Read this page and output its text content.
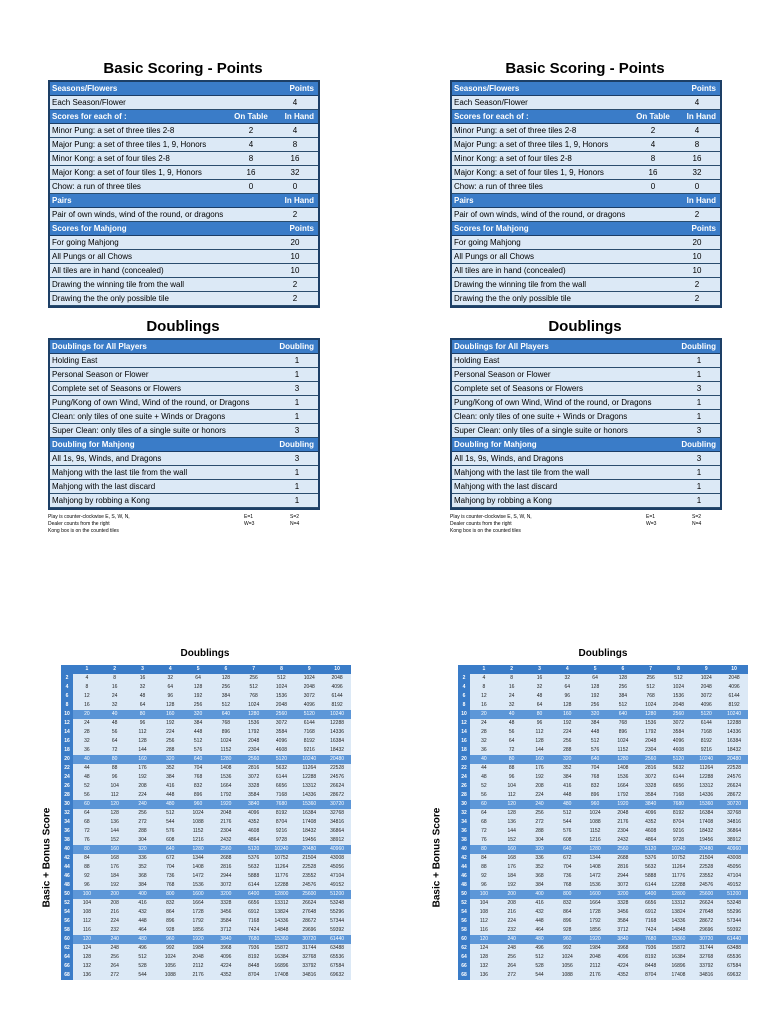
Basic Scoring - Points
Seasons/Flowers		Points
Each Season/Flower		4
Scores for each of :	On Table	In Hand
Minor Pung: a set of three tiles 2-8	2	4
Major Pung: a set of three tiles 1, 9, Honors	4	8
Minor Kong: a set of four tiles 2-8	8	16
Major Kong: a set of four tiles 1, 9, Honors	16	32
Chow: a run of three tiles	0	0
Pairs		In Hand
Pair of own winds, wind of the round, or dragons		2
Scores for Mahjong		Points
For going Mahjong		20
All Pungs or all Chows		10
All tiles are in hand (concealed)		10
Drawing the winning tile from the wall		2
Drawing the the only possible tile		2
Doublings
Doublings for All Players	Doubling
Holding East	1
Personal Season or Flower	1
Complete set of Seasons or Flowers	3
Pung/Kong of own Wind, Wind of the round, or Dragons	1
Clean: only tiles of one suite + Winds or Dragons	1
Super Clean: only tiles of a single suite or honors	3
Doubling for Mahjong	Doubling
All 1s, 9s, Winds, and Dragons	3
Mahjong with the last tile from the wall	1
Mahjong with the last discard	1
Mahjong by robbing a Kong	1
Play is counter-clockwise E, S, W, N,	E=1	S=2
Dealer counts from the right	W=3	N=4
Kong box is on the counted tiles
Doublings
Basic + Bonus Score
	1	2	3	4	5	6	7	8	9	10
2	4	8	16	32	64	128	256	512	1024	2048
4	8	16	32	64	128	256	512	1024	2048	4096
6	12	24	48	96	192	384	768	1536	3072	6144
8	16	32	64	128	256	512	1024	2048	4096	8192
10	20	40	80	160	320	640	1280	2560	5120	10240
12	24	48	96	192	384	768	1536	3072	6144	12288
14	28	56	112	224	448	896	1792	3584	7168	14336
16	32	64	128	256	512	1024	2048	4096	8192	16384
18	36	72	144	288	576	1152	2304	4608	9216	18432
20	40	80	160	320	640	1280	2560	5120	10240	20480
22	44	88	176	352	704	1408	2816	5632	11264	22528
24	48	96	192	384	768	1536	3072	6144	12288	24576
26	52	104	208	416	832	1664	3328	6656	13312	26624
28	56	112	224	448	896	1792	3584	7168	14336	28672
30	60	120	240	480	960	1920	3840	7680	15360	30720
32	64	128	256	512	1024	2048	4096	8192	16384	32768
34	68	136	272	544	1088	2176	4352	8704	17408	34816
36	72	144	288	576	1152	2304	4608	9216	18432	36864
38	76	152	304	608	1216	2432	4864	9728	19456	38912
40	80	160	320	640	1280	2560	5120	10240	20480	40960
42	84	168	336	672	1344	2688	5376	10752	21504	43008
44	88	176	352	704	1408	2816	5632	11264	22528	45056
46	92	184	368	736	1472	2944	5888	11776	23552	47104
48	96	192	384	768	1536	3072	6144	12288	24576	49152
50	100	200	400	800	1600	3200	6400	12800	25600	51200
52	104	208	416	832	1664	3328	6656	13312	26624	53248
54	108	216	432	864	1728	3456	6912	13824	27648	55296
56	112	224	448	896	1792	3584	7168	14336	28672	57344
58	116	232	464	928	1856	3712	7424	14848	29696	59392
60	120	240	480	960	1920	3840	7680	15360	30720	61440
62	124	248	496	992	1984	3968	7936	15872	31744	63488
64	128	256	512	1024	2048	4096	8192	16384	32768	65536
66	132	264	528	1056	2112	4224	8448	16896	33792	67584
68	136	272	544	1088	2176	4352	8704	17408	34816	69632
Basic Scoring - Points
Seasons/Flowers		Points
Each Season/Flower		4
Scores for each of :	On Table	In Hand
Minor Pung: a set of three tiles 2-8	2	4
Major Pung: a set of three tiles 1, 9, Honors	4	8
Minor Kong: a set of four tiles 2-8	8	16
Major Kong: a set of four tiles 1, 9, Honors	16	32
Chow: a run of three tiles	0	0
Pairs		In Hand
Pair of own winds, wind of the round, or dragons		2
Scores for Mahjong		Points
For going Mahjong		20
All Pungs or all Chows		10
All tiles are in hand (concealed)		10
Drawing the winning tile from the wall		2
Drawing the the only possible tile		2
Doublings
Doublings for All Players	Doubling
Holding East	1
Personal Season or Flower	1
Complete set of Seasons or Flowers	3
Pung/Kong of own Wind, Wind of the round, or Dragons	1
Clean: only tiles of one suite + Winds or Dragons	1
Super Clean: only tiles of a single suite or honors	3
Doubling for Mahjong	Doubling
All 1s, 9s, Winds, and Dragons	3
Mahjong with the last tile from the wall	1
Mahjong with the last discard	1
Mahjong by robbing a Kong	1
Play is counter-clockwise E, S, W, N,	E=1	S=2
Dealer counts from the right	W=3	N=4
Kong box is on the counted tiles
Doublings
Basic + Bonus Score
	1	2	3	4	5	6	7	8	9	10
2	4	8	16	32	64	128	256	512	1024	2048
4	8	16	32	64	128	256	512	1024	2048	4096
6	12	24	48	96	192	384	768	1536	3072	6144
8	16	32	64	128	256	512	1024	2048	4096	8192
10	20	40	80	160	320	640	1280	2560	5120	10240
12	24	48	96	192	384	768	1536	3072	6144	12288
14	28	56	112	224	448	896	1792	3584	7168	14336
16	32	64	128	256	512	1024	2048	4096	8192	16384
18	36	72	144	288	576	1152	2304	4608	9216	18432
20	40	80	160	320	640	1280	2560	5120	10240	20480
22	44	88	176	352	704	1408	2816	5632	11264	22528
24	48	96	192	384	768	1536	3072	6144	12288	24576
26	52	104	208	416	832	1664	3328	6656	13312	26624
28	56	112	224	448	896	1792	3584	7168	14336	28672
30	60	120	240	480	960	1920	3840	7680	15360	30720
32	64	128	256	512	1024	2048	4096	8192	16384	32768
34	68	136	272	544	1088	2176	4352	8704	17408	34816
36	72	144	288	576	1152	2304	4608	9216	18432	36864
38	76	152	304	608	1216	2432	4864	9728	19456	38912
40	80	160	320	640	1280	2560	5120	10240	20480	40960
42	84	168	336	672	1344	2688	5376	10752	21504	43008
44	88	176	352	704	1408	2816	5632	11264	22528	45056
46	92	184	368	736	1472	2944	5888	11776	23552	47104
48	96	192	384	768	1536	3072	6144	12288	24576	49152
50	100	200	400	800	1600	3200	6400	12800	25600	51200
52	104	208	416	832	1664	3328	6656	13312	26624	53248
54	108	216	432	864	1728	3456	6912	13824	27648	55296
56	112	224	448	896	1792	3584	7168	14336	28672	57344
58	116	232	464	928	1856	3712	7424	14848	29696	59392
60	120	240	480	960	1920	3840	7680	15360	30720	61440
62	124	248	496	992	1984	3968	7936	15872	31744	63488
64	128	256	512	1024	2048	4096	8192	16384	32768	65536
66	132	264	528	1056	2112	4224	8448	16896	33792	67584
68	136	272	544	1088	2176	4352	8704	17408	34816	69632
